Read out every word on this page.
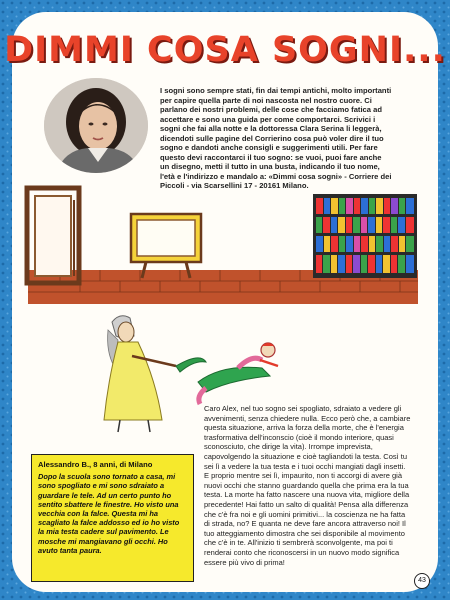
DIMMI COSA SOGNI...
I sogni sono sempre stati, fin dai tempi antichi, molto importanti per capire quella parte di noi nascosta nel nostro cuore. Ci parlano dei nostri problemi, delle cose che facciamo fatica ad accettare e sono una guida per come comportarci. Scrivici i sogni che fai alla notte e la dottoressa Clara Serina li leggerà, dicendoti sulle pagine del Corrierino cosa può voler dire il tuo sogno e dandoti anche consigli e suggerimenti utili. Per fare questo devi raccontarci il tuo sogno: se vuoi, puoi fare anche un disegno, metti il tutto in una busta, indicando il tuo nome, l'età e l'indirizzo e mandalo a: «Dimmi cosa sogni» - Corriere dei Piccoli - via Scarsellini 17 - 20161 Milano.
Alessandro B., 8 anni, di Milano
Dopo la scuola sono tornato a casa, mi sono spogliato e mi sono sdraiato a guardare le tele. Ad un certo punto ho sentito sbattere le finestre. Ho visto una vecchia con la falce. Questa mi ha scagliato la falce addosso ed io ho visto la mia testa cadere sul pavimento. Le mosche mi mangiavano gli occhi. Ho avuto tanta paura.
Caro Alex, nel tuo sogno sei spogliato, sdraiato a vedere gli avvenimenti, senza chiedere nulla. Ecco però che, a cambiare questa situazione, arriva la forza della morte, che è l'energia trasformativa dell'inconscio (cioè il mondo interiore, quasi sconosciuto, che dirige la vita). Irrompe imprevista, capovolgendo la situazione e cioè tagliandoti la testa. Così tu sei lì a vedere la tua testa e i tuoi occhi mangiati dagli insetti. E proprio mentre sei lì, impaurito, non ti accorgi di avere già nuovi occhi che stanno guardando quella che prima era la tua testa. La morte ha fatto nascere una nuova vita, migliore della precedente! Hai fatto un salto di qualità! Pensa alla differenza che c'è fra noi e gli uomini primitivi... la coscienza ne ha fatta di strada, no? E quanta ne deve fare ancora attraverso noi! Il tuo atteggiamento dimostra che sei disponibile al movimento che c'è in te. All'inizio ti sembrerà sconvolgente, ma poi ti renderai conto che riconoscersi in un nuovo modo significa essere più vivo di prima!
43
